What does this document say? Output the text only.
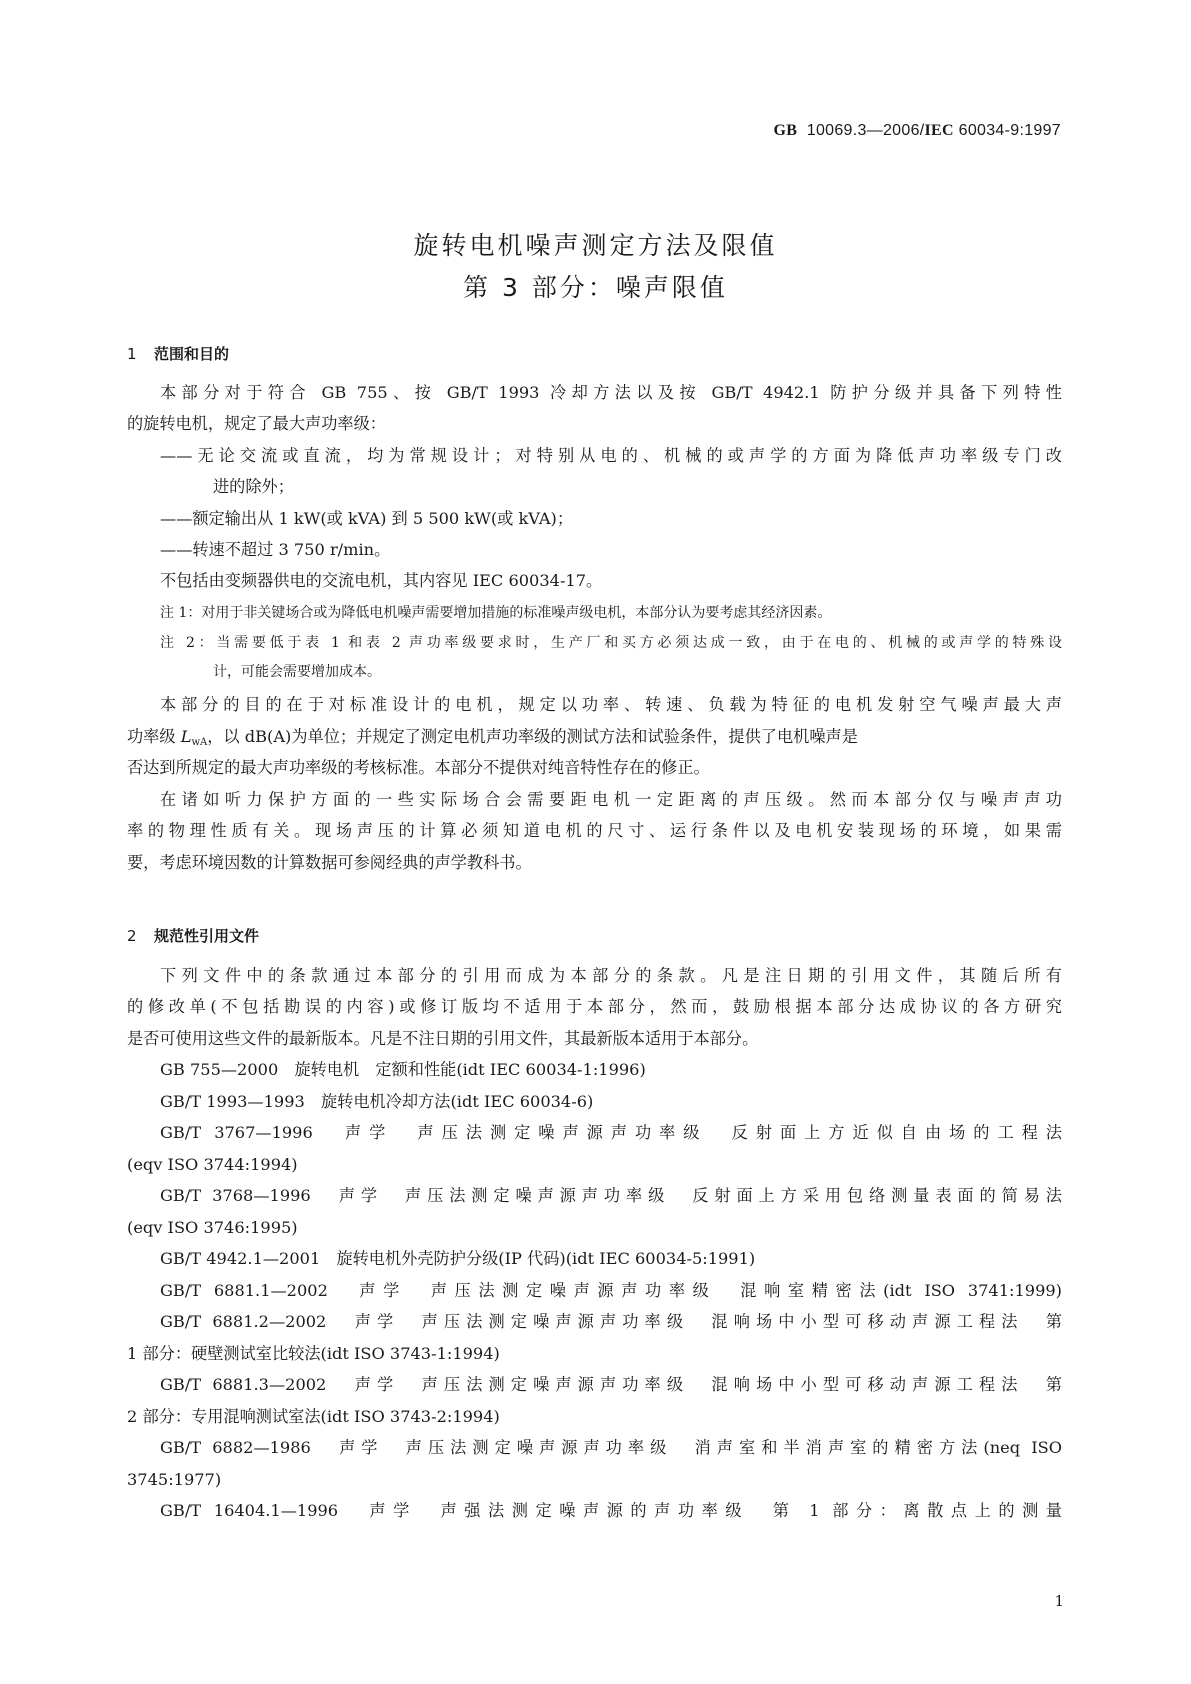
GB 10069.3—2006/IEC 60034-9:1997
旋转电机噪声测定方法及限值
第 3 部分：噪声限值
1 范围和目的
本部分对于符合 GB 755、按 GB/T 1993 冷却方法以及按 GB/T 4942.1 防护分级并具备下列特性
的旋转电机，规定了最大声功率级：
——无论交流或直流，均为常规设计；对特别从电的、机械的或声学的方面为降低声功率级专门改
进的除外；
——额定输出从 1 kW(或 kVA) 到 5 500 kW(或 kVA)；
——转速不超过 3 750 r/min。
不包括由变频器供电的交流电机，其内容见 IEC 60034-17。
注 1：对用于非关键场合或为降低电机噪声需要增加措施的标准噪声级电机，本部分认为要考虑其经济因素。
注 2：当需要低于表 1 和表 2 声功率级要求时，生产厂和买方必须达成一致，由于在电的、机械的或声学的特殊设
计，可能会需要增加成本。
本部分的目的在于对标准设计的电机，规定以功率、转速、负载为特征的电机发射空气噪声最大声
功率级 $L_{wA}$，以 dB(A)为单位；并规定了测定电机声功率级的测试方法和试验条件，提供了电机噪声是
否达到所规定的最大声功率级的考核标准。本部分不提供对纯音特性存在的修正。
在诸如听力保护方面的一些实际场合会需要距电机一定距离的声压级。然而本部分仅与噪声声功
率的物理性质有关。现场声压的计算必须知道电机的尺寸、运行条件以及电机安装现场的环境，如果需
要，考虑环境因数的计算数据可参阅经典的声学教科书。
2 规范性引用文件
下列文件中的条款通过本部分的引用而成为本部分的条款。凡是注日期的引用文件，其随后所有
的修改单(不包括勘误的内容)或修订版均不适用于本部分，然而，鼓励根据本部分达成协议的各方研究
是否可使用这些文件的最新版本。凡是不注日期的引用文件，其最新版本适用于本部分。
GB 755—2000　旋转电机　定额和性能(idt IEC 60034-1:1996)
GB/T 1993—1993　旋转电机冷却方法(idt IEC 60034-6)
GB/T 3767—1996　声学　声压法测定噪声源声功率级　反射面上方近似自由场的工程法
(eqv ISO 3744:1994)
GB/T 3768—1996　声学　声压法测定噪声源声功率级　反射面上方采用包络测量表面的简易法
(eqv ISO 3746:1995)
GB/T 4942.1—2001　旋转电机外壳防护分级(IP 代码)(idt IEC 60034-5:1991)
GB/T 6881.1—2002　声学　声压法测定噪声源声功率级　混响室精密法(idt ISO 3741:1999)
GB/T 6881.2—2002　声学　声压法测定噪声源声功率级　混响场中小型可移动声源工程法　第
1 部分：硬壁测试室比较法(idt ISO 3743-1:1994)
GB/T 6881.3—2002　声学　声压法测定噪声源声功率级　混响场中小型可移动声源工程法　第
2 部分：专用混响测试室法(idt ISO 3743-2:1994)
GB/T 6882—1986　声学　声压法测定噪声源声功率级　消声室和半消声室的精密方法(neq ISO
3745:1977)
GB/T 16404.1—1996　声学　声强法测定噪声源的声功率级　第 1 部分：离散点上的测量
1
